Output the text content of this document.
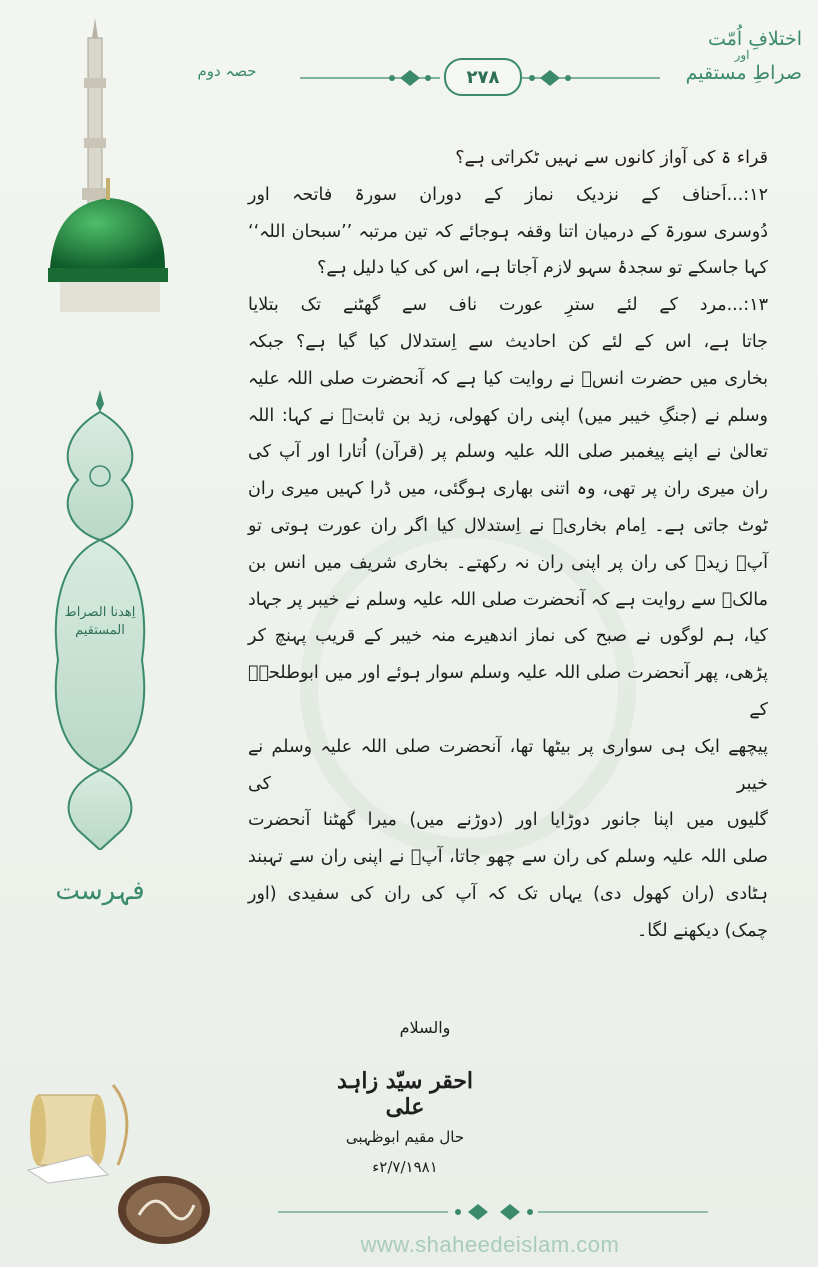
اختلافِ اُمّت
اور
صراطِ مستقیم
حصہ دوم	۲۷۸
اِهدنا الصراط المستقیم
فہرست

قراء ۃ کی آواز کانوں سے نہیں ٹکراتی ہے؟

۱۲:...اَحناف کے نزدیک نماز کے دوران سورۃ فاتحہ اور

دُوسری سورۃ کے درمیان اتنا وقفہ ہوجائے کہ تین مرتبہ ’’سبحان اللہ‘‘

کہا جاسکے تو سجدۂ سہو لازم آجاتا ہے، اس کی کیا دلیل ہے؟

۱۳:...مرد کے لئے سترِ عورت ناف سے گھٹنے تک بتلایا

جاتا ہے، اس کے لئے کن احادیث سے اِستدلال کیا گیا ہے؟ جبکہ

بخاری میں حضرت انسؓ نے روایت کیا ہے کہ آنحضرت صلی اللہ علیہ

وسلم نے (جنگِ خیبر میں) اپنی ران کھولی، زید بن ثابتؓ نے کہا: اللہ

تعالیٰ نے اپنے پیغمبر صلی اللہ علیہ وسلم پر (قرآن) اُتارا اور آپ کی

ران میری ران پر تھی، وہ اتنی بھاری ہوگئی، میں ڈرا کہیں میری ران

ٹوٹ جاتی ہے۔ اِمام بخاریؒ نے اِستدلال کیا اگر ران عورت ہوتی تو

آپؐ زیدؓ کی ران پر اپنی ران نہ رکھتے۔ بخاری شریف میں انس بن

مالکؓ سے روایت ہے کہ آنحضرت صلی اللہ علیہ وسلم نے خیبر پر جہاد

کیا، ہم لوگوں نے صبح کی نماز اندھیرے منہ خیبر کے قریب پہنچ کر

پڑھی، پھر آنحضرت صلی اللہ علیہ وسلم سوار ہوئے اور میں ابوطلحہؓ کے

پیچھے ایک ہی سواری پر بیٹھا تھا، آنحضرت صلی اللہ علیہ وسلم نے خیبر کی

گلیوں میں اپنا جانور دوڑایا اور (دوڑنے میں) میرا گھٹنا آنحضرت

صلی اللہ علیہ وسلم کی ران سے چھو جاتا، آپؐ نے اپنی ران سے تہبند

ہٹادی (ران کھول دی) یہاں تک کہ آپ کی ران کی سفیدی (اور

چمک) دیکھنے لگا۔

والسلام
احقر سیّد زاہد علی
حال مقیم ابوظہبی
۲/۷/۱۹۸۱ء
www.shaheedeislam.com
